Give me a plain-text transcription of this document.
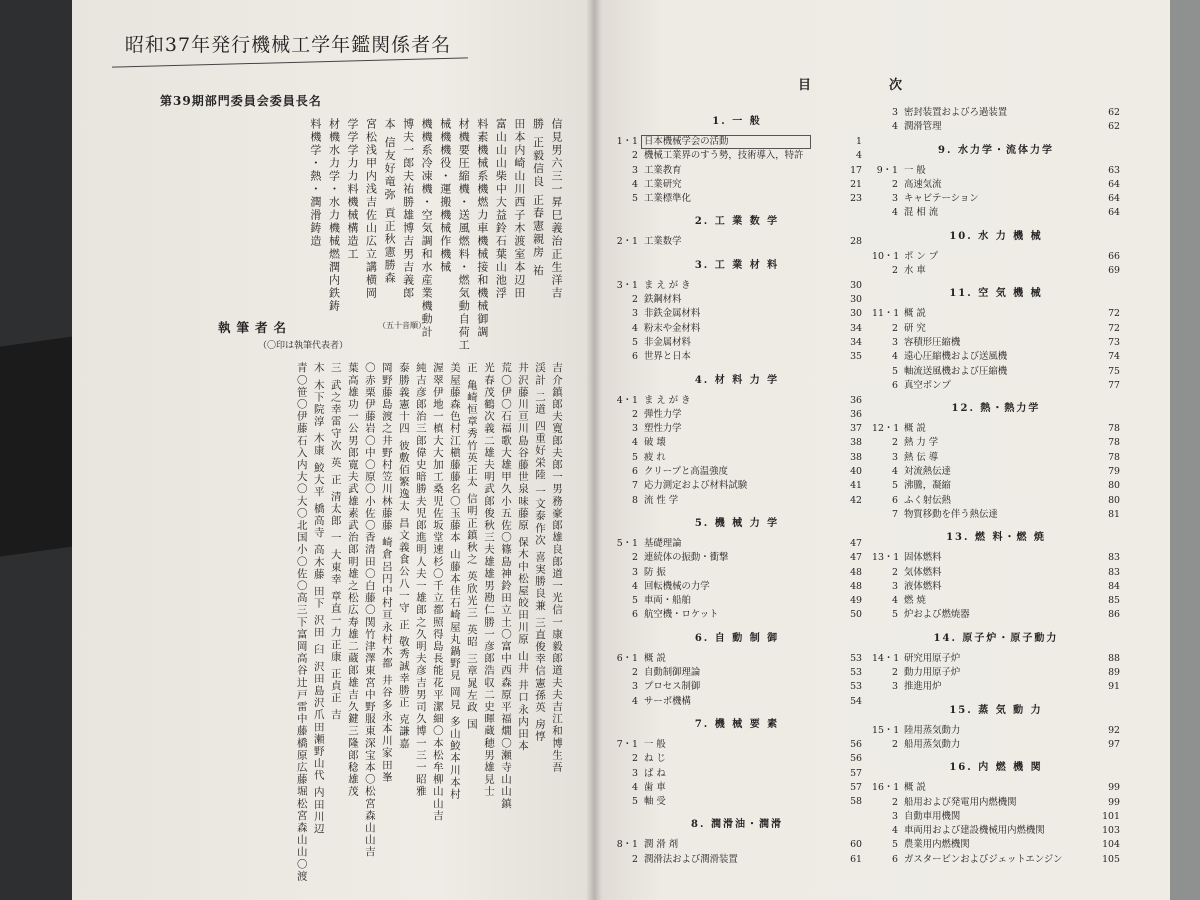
昭和37年発行機械工学年鑑関係者名
第39期部門委員会委員長名
信見男六三一昇巳義治正生洋吉
勝 正毅信良 正春憲親房 祐
田本内崎山川西子木渡室本辺田
富山山山柴中大益鈴石葉山池浮
料素機械系機燃力車機械接和機械御調
材機要圧縮機・送風燃料・燃気動自荷工
械機機役・運搬機械作機械
機機系冷凍機・空気調和水産業機動計
博夫一郎夫祐勝雄博吉男吉義郎
本 信友好竜弥 貢正秋憲勝森
宮松浅甲内浅吉佐山広立講横岡
学学学力力料機械構造工
材機水力学・水力機械燃潤内鉄鋳
料機学・熱・潤滑鋳造
執筆者名	（五十音順）
（〇印は執筆代表者）
吉介鎮郎夫寛郎夫郎一男務豪郎雄良郎道一光信一康毅郎道夫夫吉江和博生吾
渓計 二道 四重好栄陸 一文泰作次 喜実勝良兼 三直俊幸信憲孫英 房惇
井沢藤川亘川島谷藤世泉味藤原 保木中松屋皎田川原 山井 井口永内田本
荒〇伊〇石福歌大雄甲久小五佐〇篠島神鈴田立土〇富中西森原平福燗〇瀬寺山山鎮
光春茂鶴次義二雄夫明武郎俊秋三夫雄雄男勘仁勝一彦郎浩収二史暉蔵穂男雄見士
正 亀崎恒章秀竹英正太 信明正鎮秋之 英欣光三 英昭 三章晁左政 国
美屋藤森色村江槇藤藤名〇玉藤本 山藤本佳石崎屋丸鍋野見 岡見 多山鮫本川本村
渥翠伊地一槙大大加工桑児佐坂堂速杉〇千立都照得島長能花平潔細〇本松牟柳山山吉
純吉彦郎治三郎偉史暗勝夫児郎進明人夫一雄郎之久明夫彦吉男司久博一三一昭雅
泰勝義憲十四 彼敷佰繁逸太 昌文義食公八一守 正 敬秀誠幸勝正 克謙嘉
岡野藤島渡之井野村笠川林藤藤 崎倉呂円中村亘永村木都 井谷多永本川家田峯
〇赤栗伊藤岩〇中〇原〇小佐〇香清田〇白藤〇関竹津澤東宮中野服東深宝本〇松宮森山山吉
葉高雄功一公男郎寛夫武雄素武治郎明雄之松広寿雄二蔵郎雄吉久鍵三隆郎稔雄茂
三 武之幸雷守次 英 正 清太郎 一 大東幸 章直一力正康 正貞正 吉
木 木下院淳 木康 鮫大平 橋高寺 高木藤 田下 沢田 臼 沢田島沢爪田瀬野山代 内田川辺
青〇笹〇伊藤石入内大〇大〇北国小〇佐〇高三下富岡高谷辻戸雷中藤橋原広藤堀松宮森山山〇渡
目次
1. 一 般
1・1 日本機械学会の活動	1
2 機械工業界のすう勢，技術導入，特許	4
3 工業教育	17
4 工業研究	21
5 工業標準化	23
2. 工 業 数 学
2・1 工業数学	28
3. 工 業 材 料
3・1 ま え が き	30
2 鉄鋼材料	30
3 非鉄金属材料	30
4 粉末や金材料	34
5 非金属材料	34
6 世界と日本	35
4. 材 料 力 学
4・1 ま え が き	36
2 弾性力学	36
3 塑性力学	37
4 破 壊	38
5 疲 れ	38
6 クリープと高温強度	40
7 応力測定および材料試験	41
8 流 性 学	42
5. 機 械 力 学
5・1 基礎理論	47
2 連続体の振動・衝撃	47
3 防 振	48
4 回転機械の力学	48
5 車両・船舶	49
6 航空機・ロケット	50
6. 自 動 制 御
6・1 概 説	53
2 自動制御理論	53
3 プロセス制御	53
4 サーボ機構	54
7. 機 械 要 素
7・1 一 般	56
2 ね じ	56
3 ば ね	57
4 歯 車	57
5 軸 受	58
8. 潤滑油・潤滑
8・1 潤 滑 剤	60
2 潤滑法および潤滑装置	61
3 密封装置およびろ過装置	62
4 潤滑管理	62
9. 水力学・流体力学
9・1 一 般	63
2 高速気流	64
3 キャビテーション	64
4 混 相 流	64
10. 水 力 機 械
10・1 ポ ン プ	66
2 水 車	69
11. 空 気 機 械
11・1 概 説	72
2 研 究	72
3 容積形圧縮機	73
4 遠心圧縮機および送風機	74
5 軸流送風機および圧縮機	75
6 真空ポンプ	77
12. 熱・熱力学
12・1 概 説	78
2 熱 力 学	78
3 熱 伝 導	78
4 対流熱伝達	79
5 沸騰，凝縮	80
6 ふく射伝熱	80
7 物質移動を伴う熱伝達	81
13. 燃 料・燃 焼
13・1 固体燃料	83
2 気体燃料	83
3 液体燃料	84
4 燃 焼	85
5 炉および燃焼器	86
14. 原子炉・原子動力
14・1 研究用原子炉	88
2 動力用原子炉	89
3 推進用炉	91
15. 蒸 気 動 力
15・1 陸用蒸気動力	92
2 船用蒸気動力	97
16. 内 燃 機 関
16・1 概 説	99
2 船用および発電用内燃機関	99
3 自動車用機関	101
4 車両用および建設機械用内燃機関	103
5 農業用内燃機関	104
6 ガスタービンおよびジェットエンジン	105
